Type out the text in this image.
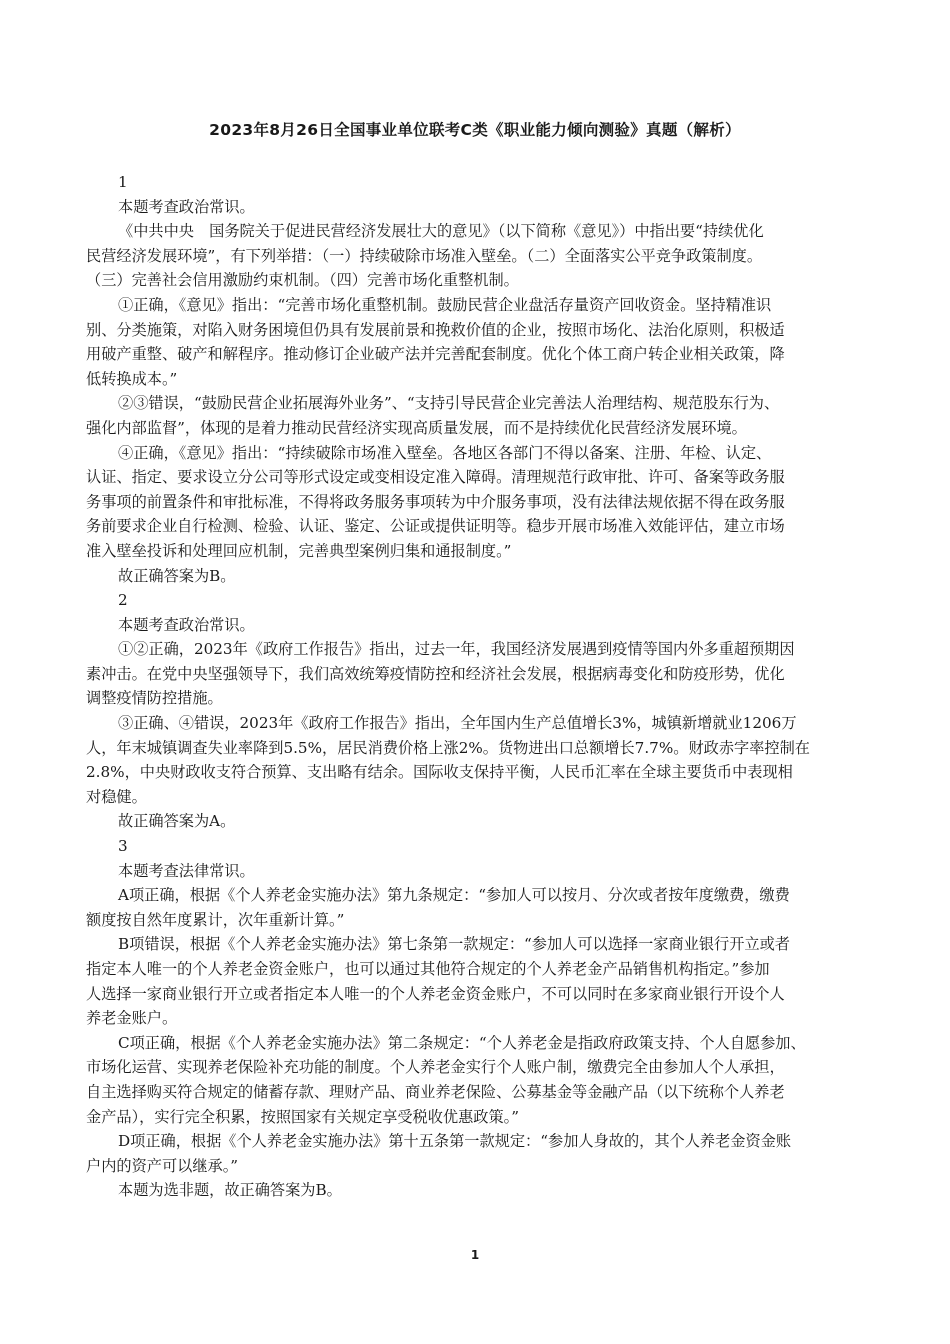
2023年8月26日全国事业单位联考C类《职业能力倾向测验》真题（解析）
1
本题考查政治常识。
《中共中央　国务院关于促进民营经济发展壮大的意见》（以下简称《意见》）中指出要“持续优化
民营经济发展环境”，有下列举措：（一）持续破除市场准入壁垒。（二）全面落实公平竞争政策制度。
（三）完善社会信用激励约束机制。（四）完善市场化重整机制。
①正确，《意见》指出：“完善市场化重整机制。鼓励民营企业盘活存量资产回收资金。坚持精准识
别、分类施策，对陷入财务困境但仍具有发展前景和挽救价值的企业，按照市场化、法治化原则，积极适
用破产重整、破产和解程序。推动修订企业破产法并完善配套制度。优化个体工商户转企业相关政策，降
低转换成本。”
②③错误，“鼓励民营企业拓展海外业务”、“支持引导民营企业完善法人治理结构、规范股东行为、
强化内部监督”，体现的是着力推动民营经济实现高质量发展，而不是持续优化民营经济发展环境。
④正确，《意见》指出：“持续破除市场准入壁垒。各地区各部门不得以备案、注册、年检、认定、
认证、指定、要求设立分公司等形式设定或变相设定准入障碍。清理规范行政审批、许可、备案等政务服
务事项的前置条件和审批标准，不得将政务服务事项转为中介服务事项，没有法律法规依据不得在政务服
务前要求企业自行检测、检验、认证、鉴定、公证或提供证明等。稳步开展市场准入效能评估，建立市场
准入壁垒投诉和处理回应机制，完善典型案例归集和通报制度。”
故正确答案为B。
2
本题考查政治常识。
①②正确，2023年《政府工作报告》指出，过去一年，我国经济发展遇到疫情等国内外多重超预期因
素冲击。在党中央坚强领导下，我们高效统筹疫情防控和经济社会发展，根据病毒变化和防疫形势，优化
调整疫情防控措施。
③正确、④错误，2023年《政府工作报告》指出，全年国内生产总值增长3%，城镇新增就业1206万
人，年末城镇调查失业率降到5.5%，居民消费价格上涨2%。货物进出口总额增长7.7%。财政赤字率控制在
2.8%，中央财政收支符合预算、支出略有结余。国际收支保持平衡，人民币汇率在全球主要货币中表现相
对稳健。
故正确答案为A。
3
本题考查法律常识。
A项正确，根据《个人养老金实施办法》第九条规定：“参加人可以按月、分次或者按年度缴费，缴费
额度按自然年度累计，次年重新计算。”
B项错误，根据《个人养老金实施办法》第七条第一款规定：“参加人可以选择一家商业银行开立或者
指定本人唯一的个人养老金资金账户，也可以通过其他符合规定的个人养老金产品销售机构指定。”参加
人选择一家商业银行开立或者指定本人唯一的个人养老金资金账户，不可以同时在多家商业银行开设个人
养老金账户。
C项正确，根据《个人养老金实施办法》第二条规定：“个人养老金是指政府政策支持、个人自愿参加、
市场化运营、实现养老保险补充功能的制度。个人养老金实行个人账户制，缴费完全由参加人个人承担，
自主选择购买符合规定的储蓄存款、理财产品、商业养老保险、公募基金等金融产品（以下统称个人养老
金产品），实行完全积累，按照国家有关规定享受税收优惠政策。”
D项正确，根据《个人养老金实施办法》第十五条第一款规定：“参加人身故的，其个人养老金资金账
户内的资产可以继承。”
本题为选非题，故正确答案为B。
1
